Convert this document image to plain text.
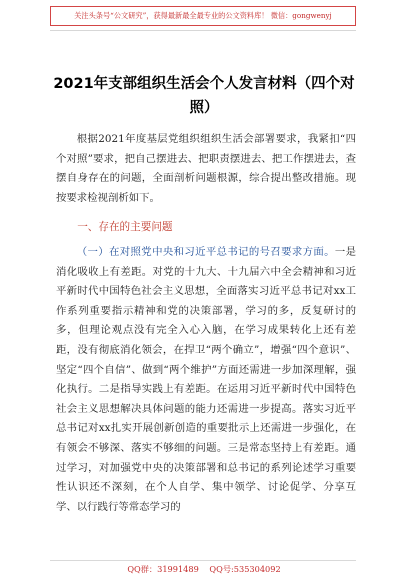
关注头条号“公文研究”，获得最新最全最专业的公文资料库！ 微信：gongwenyj
2021年支部组织生活会个人发言材料（四个对照）
根据2021年度基层党组织组织生活会部署要求，我紧扣“四个对照”要求，把自己摆进去、把职责摆进去、把工作摆进去，查摆自身存在的问题，全面剖析问题根源，综合提出整改措施。现按要求检视剖析如下。
一、存在的主要问题
（一）在对照党中央和习近平总书记的号召要求方面。一是消化吸收上有差距。对党的十九大、十九届六中全会精神和习近平新时代中国特色社会主义思想，全面落实习近平总书记对xx工作系列重要指示精神和党的决策部署，学习的多，反复研讨的多，但理论观点没有完全入心入脑，在学习成果转化上还有差距，没有彻底消化领会，在捍卫“两个确立”，增强“四个意识”、坚定“四个自信”、做到“两个维护”方面还需进一步加深理解，强化执行。二是指导实践上有差距。在运用习近平新时代中国特色社会主义思想解决具体问题的能力还需进一步提高。落实习近平总书记对xx扎实开展创新创造的重要批示上还需进一步强化，在有领会不够深、落实不够细的问题。三是常态坚持上有差距。通过学习，对加强党中央的决策部署和总书记的系列论述学习重要性认识还不深刻，在个人自学、集中领学、讨论促学、分享互学、以行践行等常态学习的
QQ群：31991489 QQ号:535304092
